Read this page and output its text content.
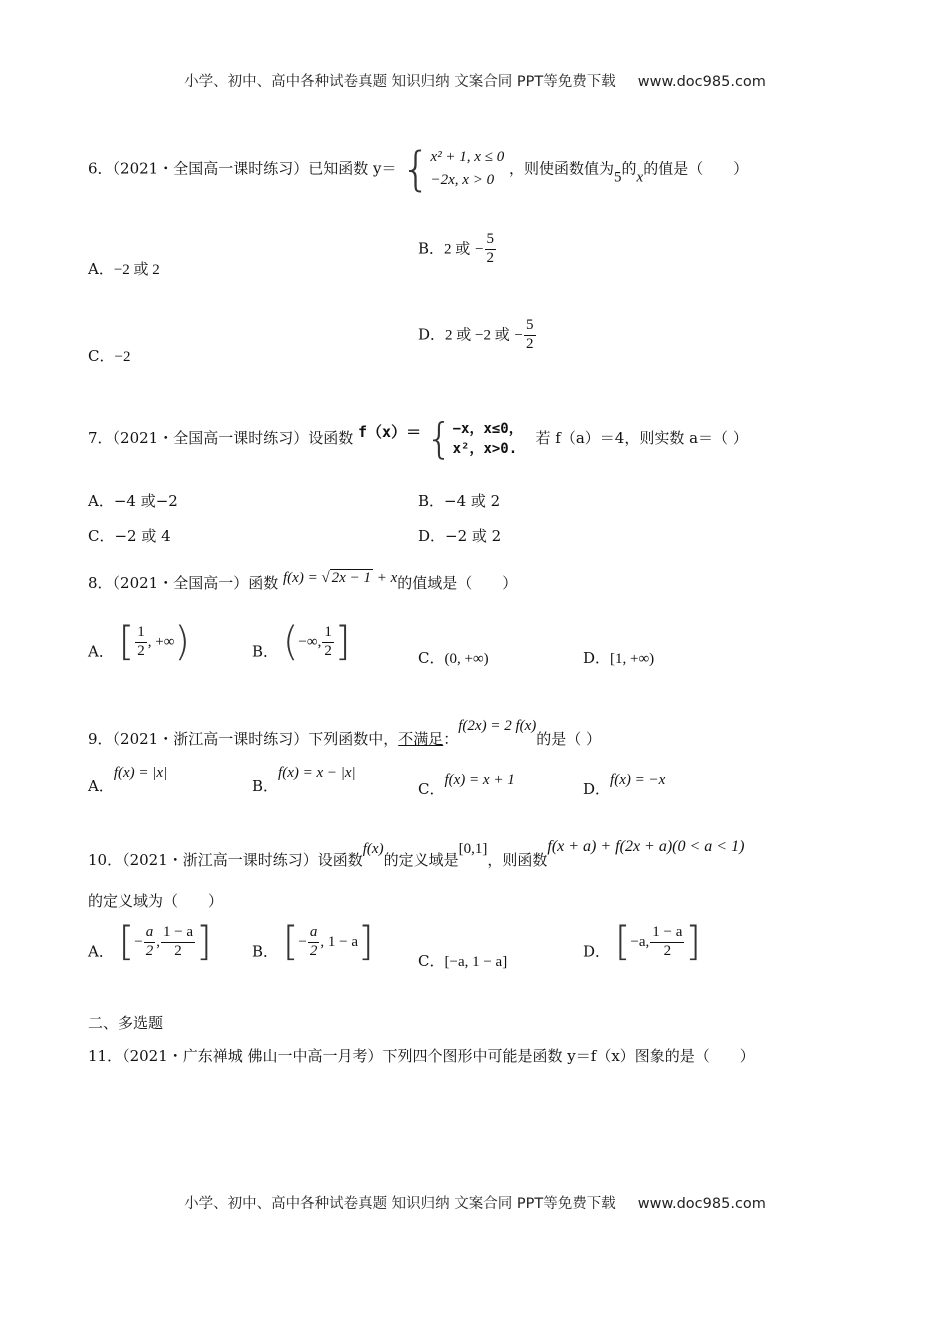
小学、初中、高中各种试卷真题 知识归纳 文案合同 PPT等免费下载 www.doc985.com
6．（2021・全国高一课时练习）已知函数 y＝ { x² + 1, x ≤ 0
−2x, x > 0
，则使函数值为5的x的值是（　　）
A．−2 或 2
B．2 或 − $\frac{5}{2}$
C．−2
D．2 或 −2 或 − $\frac{5}{2}$
7．（2021・全国高一课时练习）设函数 f（x）＝ { −x，x≤0，
x²，x>0.
若 f（a）＝4，则实数 a＝（ ）
A．−4 或−2	B．−4 或 2
C．−2 或 4	D．−2 或 2
8．（2021・全国高一）函数 f(x) = √ 2x − 1 + x的值域是（　　）
A． [ $\frac{1}{2}$ , +∞ )	B． ( −∞, $\frac{1}{2}$ ]	C．(0, +∞)	D．[1, +∞)
9．（2021・浙江高一课时练习）下列函数中，不满足：f(2x) = 2 f(x)的是（ ）
A．f(x) = |x|
B．f(x) = x − |x|
C．f(x) = x + 1	D．f(x) = −x
10．（2021・浙江高一课时练习）设函数f(x)的定义域是[0,1]，则函数f(x + a) + f(2x + a)(0 < a < 1)
的定义域为（　　）
A． [ − $\frac{a}{2}$ , $\frac{1 - a}{2}$ ]	B． [ − $\frac{a}{2}$ , 1 − a ]	C．[−a, 1 − a]
D． [ −a, $\frac{1 - a}{2}$ ]
二、多选题
11．（2021・广东禅城 佛山一中高一月考）下列四个图形中可能是函数 y＝f（x）图象的是（　　）
小学、初中、高中各种试卷真题 知识归纳 文案合同 PPT等免费下载 www.doc985.com
